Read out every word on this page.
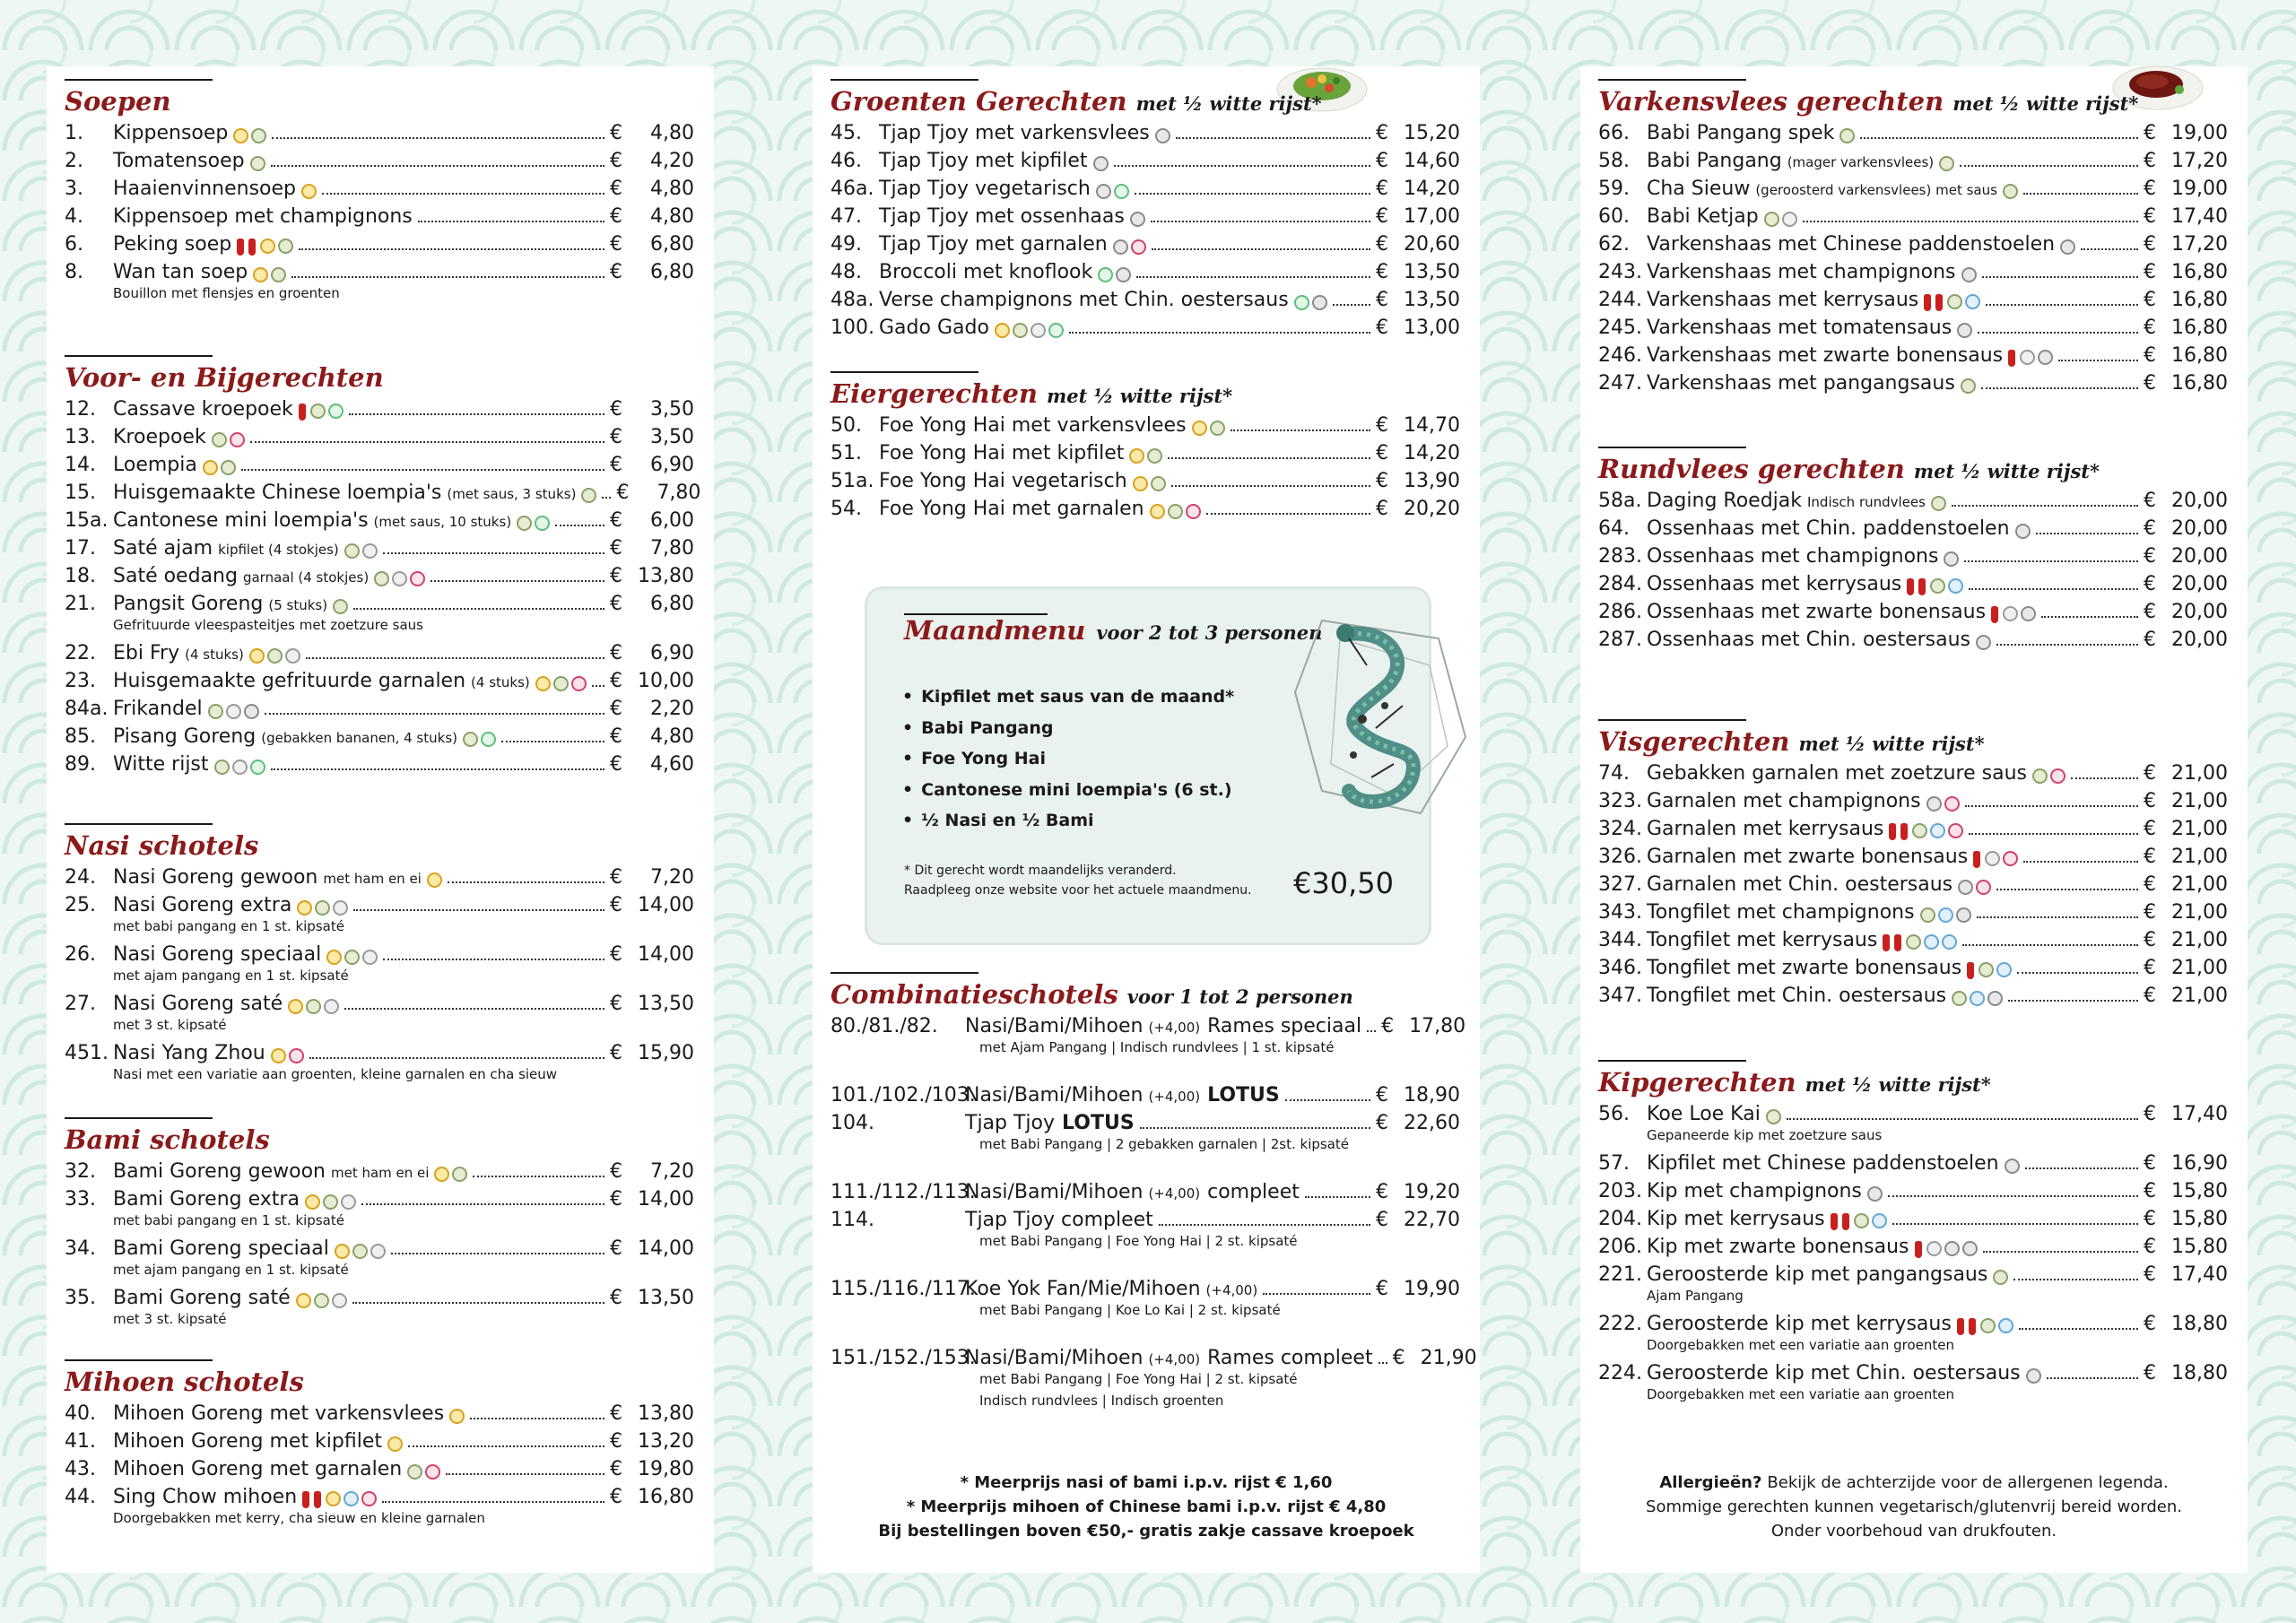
Soepen
1.	Kippensoep	€	4,80
2.	Tomatensoep	€	4,20
3.	Haaienvinnensoep	€	4,80
4.	Kippensoep met champignons	€	4,80
6.	Peking soep	€	6,80
8.	Wan tan soep	€	6,80
Bouillon met flensjes en groenten
Voor- en Bijgerechten
12. Cassave kroepoek	€	3,50
13. Kroepoek	€	3,50
14. Loempia	€	6,90
15. Huisgemaakte Chinese loempia's (met saus, 3 stuks) €	7,80
15a. Cantonese mini loempia's (met saus, 10 stuks)	€	6,00
17. Saté ajam kipfilet (4 stokjes)	€	7,80
18. Saté oedang garnaal (4 stokjes)	€ 13,80
21. Pangsit Goreng (5 stuks)	€	6,80
Gefrituurde vleespasteitjes met zoetzure saus
22. Ebi Fry (4 stuks)	€	6,90
23. Huisgemaakte gefrituurde garnalen (4 stuks)	€ 10,00
84a. Frikandel	€	2,20
85. Pisang Goreng (gebakken bananen, 4 stuks)	€	4,80
89. Witte rijst	€	4,60
Nasi schotels
24. Nasi Goreng gewoon met ham en ei	€	7,20
25. Nasi Goreng extra	€ 14,00
met babi pangang en 1 st. kipsaté
26. Nasi Goreng speciaal	€ 14,00
met ajam pangang en 1 st. kipsaté
27. Nasi Goreng saté	€ 13,50
met 3 st. kipsaté
451. Nasi Yang Zhou	€ 15,90
Nasi met een variatie aan groenten, kleine garnalen en cha sieuw
Bami schotels
32. Bami Goreng gewoon met ham en ei	€	7,20
33. Bami Goreng extra	€ 14,00
met babi pangang en 1 st. kipsaté
34. Bami Goreng speciaal	€ 14,00
met ajam pangang en 1 st. kipsaté
35. Bami Goreng saté	€ 13,50
met 3 st. kipsaté
Mihoen schotels
40. Mihoen Goreng met varkensvlees	€ 13,80
41. Mihoen Goreng met kipfilet	€ 13,20
43. Mihoen Goreng met garnalen	€ 19,80
44. Sing Chow mihoen	€ 16,80
Doorgebakken met kerry, cha sieuw en kleine garnalen
Maandmenu voor 2 tot 3 personen
• Kipfilet met saus van de maand*
• Babi Pangang
• Foe Yong Hai
• Cantonese mini loempia's (6 st.)
• ½ Nasi en ½ Bami
* Dit gerecht wordt maandelijks veranderd.
Raadpleeg onze website voor het actuele maandmenu. €30,50
Groenten Gerechten met ½ witte rijst*
45. Tjap Tjoy met varkensvlees	€ 15,20
46. Tjap Tjoy met kipfilet	€ 14,60
46a. Tjap Tjoy vegetarisch	€ 14,20
47. Tjap Tjoy met ossenhaas	€ 17,00
49. Tjap Tjoy met garnalen	€ 20,60
48. Broccoli met knoflook	€ 13,50
48a. Verse champignons met Chin. oestersaus	€ 13,50
100. Gado Gado	€ 13,00
Eiergerechten met ½ witte rijst*
50. Foe Yong Hai met varkensvlees	€ 14,70
51. Foe Yong Hai met kipfilet	€ 14,20
51a. Foe Yong Hai vegetarisch	€ 13,90
54. Foe Yong Hai met garnalen	€ 20,20
Combinatieschotels voor 1 tot 2 personen
80./81./82.	Nasi/Bami/Mihoen (+4,00) Rames speciaal € 17,80
met Ajam Pangang | Indisch rundvlees | 1 st. kipsaté
101./102./103.
Nasi/Bami/Mihoen (+4,00) LOTUS	€ 18,90
104.	Tjap Tjoy LOTUS	€ 22,60
met Babi Pangang | 2 gebakken garnalen | 2st. kipsaté
111./112./113.
Nasi/Bami/Mihoen (+4,00) compleet	€ 19,20
114.	Tjap Tjoy compleet	€ 22,70
met Babi Pangang | Foe Yong Hai | 2 st. kipsaté
115./116./117.
Koe Yok Fan/Mie/Mihoen (+4,00)	€ 19,90
met Babi Pangang | Koe Lo Kai | 2 st. kipsaté
151./152./153.
Nasi/Bami/Mihoen (+4,00) Rames compleet € 21,90
met Babi Pangang | Foe Yong Hai | 2 st. kipsaté
Indisch rundvlees | Indisch groenten
* Meerprijs nasi of bami i.p.v. rijst € 1,60
* Meerprijs mihoen of Chinese bami i.p.v. rijst € 4,80
Bij bestellingen boven €50,- gratis zakje cassave kroepoek
Varkensvlees gerechten met ½ witte rijst*
66. Babi Pangang spek	€ 19,00
58. Babi Pangang (mager varkensvlees)	€ 17,20
59. Cha Sieuw (geroosterd varkensvlees) met saus	€ 19,00
60. Babi Ketjap	€ 17,40
62. Varkenshaas met Chinese paddenstoelen	€ 17,20
243. Varkenshaas met champignons	€ 16,80
244. Varkenshaas met kerrysaus	€ 16,80
245. Varkenshaas met tomatensaus	€ 16,80
246. Varkenshaas met zwarte bonensaus	€ 16,80
247. Varkenshaas met pangangsaus	€ 16,80
Rundvlees gerechten met ½ witte rijst*
58a. Daging Roedjak Indisch rundvlees	€ 20,00
64. Ossenhaas met Chin. paddenstoelen	€ 20,00
283. Ossenhaas met champignons	€ 20,00
284. Ossenhaas met kerrysaus	€ 20,00
286. Ossenhaas met zwarte bonensaus	€ 20,00
287. Ossenhaas met Chin. oestersaus	€ 20,00
Visgerechten met ½ witte rijst*
74. Gebakken garnalen met zoetzure saus	€ 21,00
323. Garnalen met champignons	€ 21,00
324. Garnalen met kerrysaus	€ 21,00
326. Garnalen met zwarte bonensaus	€ 21,00
327. Garnalen met Chin. oestersaus	€ 21,00
343. Tongfilet met champignons	€ 21,00
344. Tongfilet met kerrysaus	€ 21,00
346. Tongfilet met zwarte bonensaus	€ 21,00
347. Tongfilet met Chin. oestersaus	€ 21,00
Kipgerechten met ½ witte rijst*
56. Koe Loe Kai	€ 17,40
Gepaneerde kip met zoetzure saus
57. Kipfilet met Chinese paddenstoelen	€ 16,90
203. Kip met champignons	€ 15,80
204. Kip met kerrysaus	€ 15,80
206. Kip met zwarte bonensaus	€ 15,80
221. Geroosterde kip met pangangsaus	€ 17,40
Ajam Pangang
222. Geroosterde kip met kerrysaus	€ 18,80
Doorgebakken met een variatie aan groenten
224. Geroosterde kip met Chin. oestersaus	€ 18,80
Doorgebakken met een variatie aan groenten
Allergieën? Bekijk de achterzijde voor de allergenen legenda.
Sommige gerechten kunnen vegetarisch/glutenvrij bereid worden.
Onder voorbehoud van drukfouten.
